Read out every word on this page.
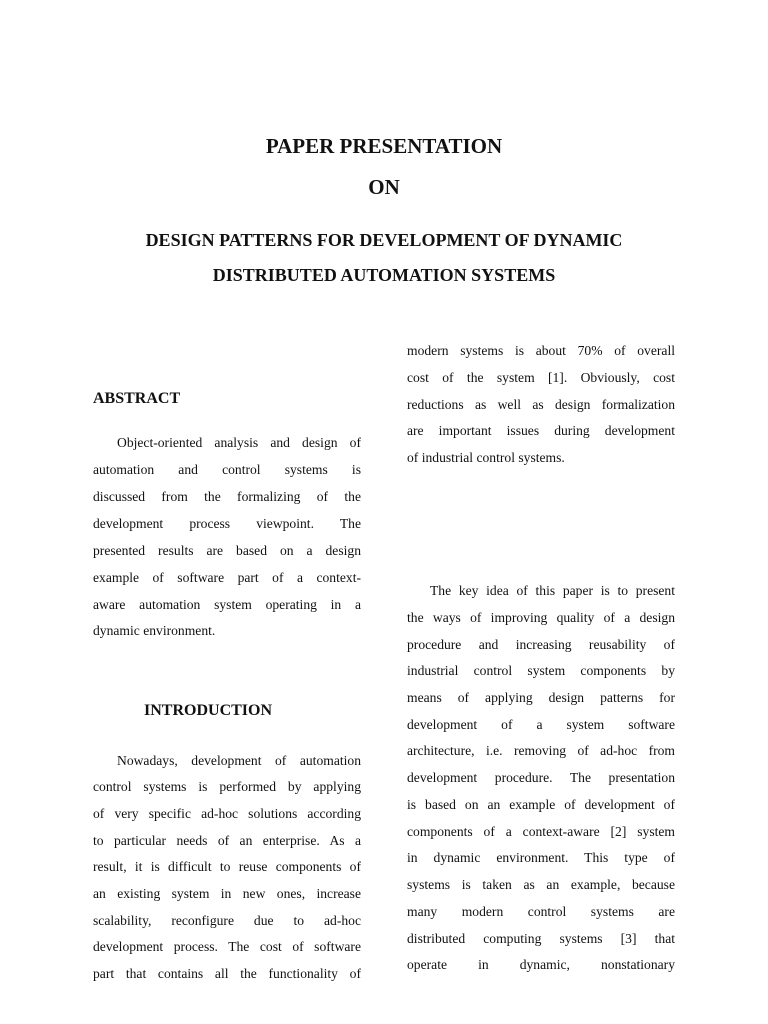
PAPER PRESENTATION
ON
DESIGN PATTERNS FOR DEVELOPMENT OF DYNAMIC
DISTRIBUTED AUTOMATION SYSTEMS
ABSTRACT
Object-oriented analysis and design of
automation and control systems is
discussed from the formalizing of the
development process viewpoint. The
presented results are based on a design
example of software part of a context-
aware automation system operating in a
dynamic environment.
INTRODUCTION
Nowadays, development of automation
control systems is performed by applying
of very specific ad-hoc solutions according
to particular needs of an enterprise. As a
result, it is difficult to reuse components of
an existing system in new ones, increase
scalability, reconfigure due to ad-hoc
development process. The cost of software
part that contains all the functionality of
modern systems is about 70% of overall
cost of the system [1]. Obviously, cost
reductions as well as design formalization
are important issues during development
of industrial control systems.
The key idea of this paper is to present
the ways of improving quality of a design
procedure and increasing reusability of
industrial control system components by
means of applying design patterns for
development of a system software
architecture, i.e. removing of ad-hoc from
development procedure. The presentation
is based on an example of development of
components of a context-aware [2] system
in dynamic environment. This type of
systems is taken as an example, because
many modern control systems are
distributed computing systems [3] that
operate in dynamic, nonstationary
